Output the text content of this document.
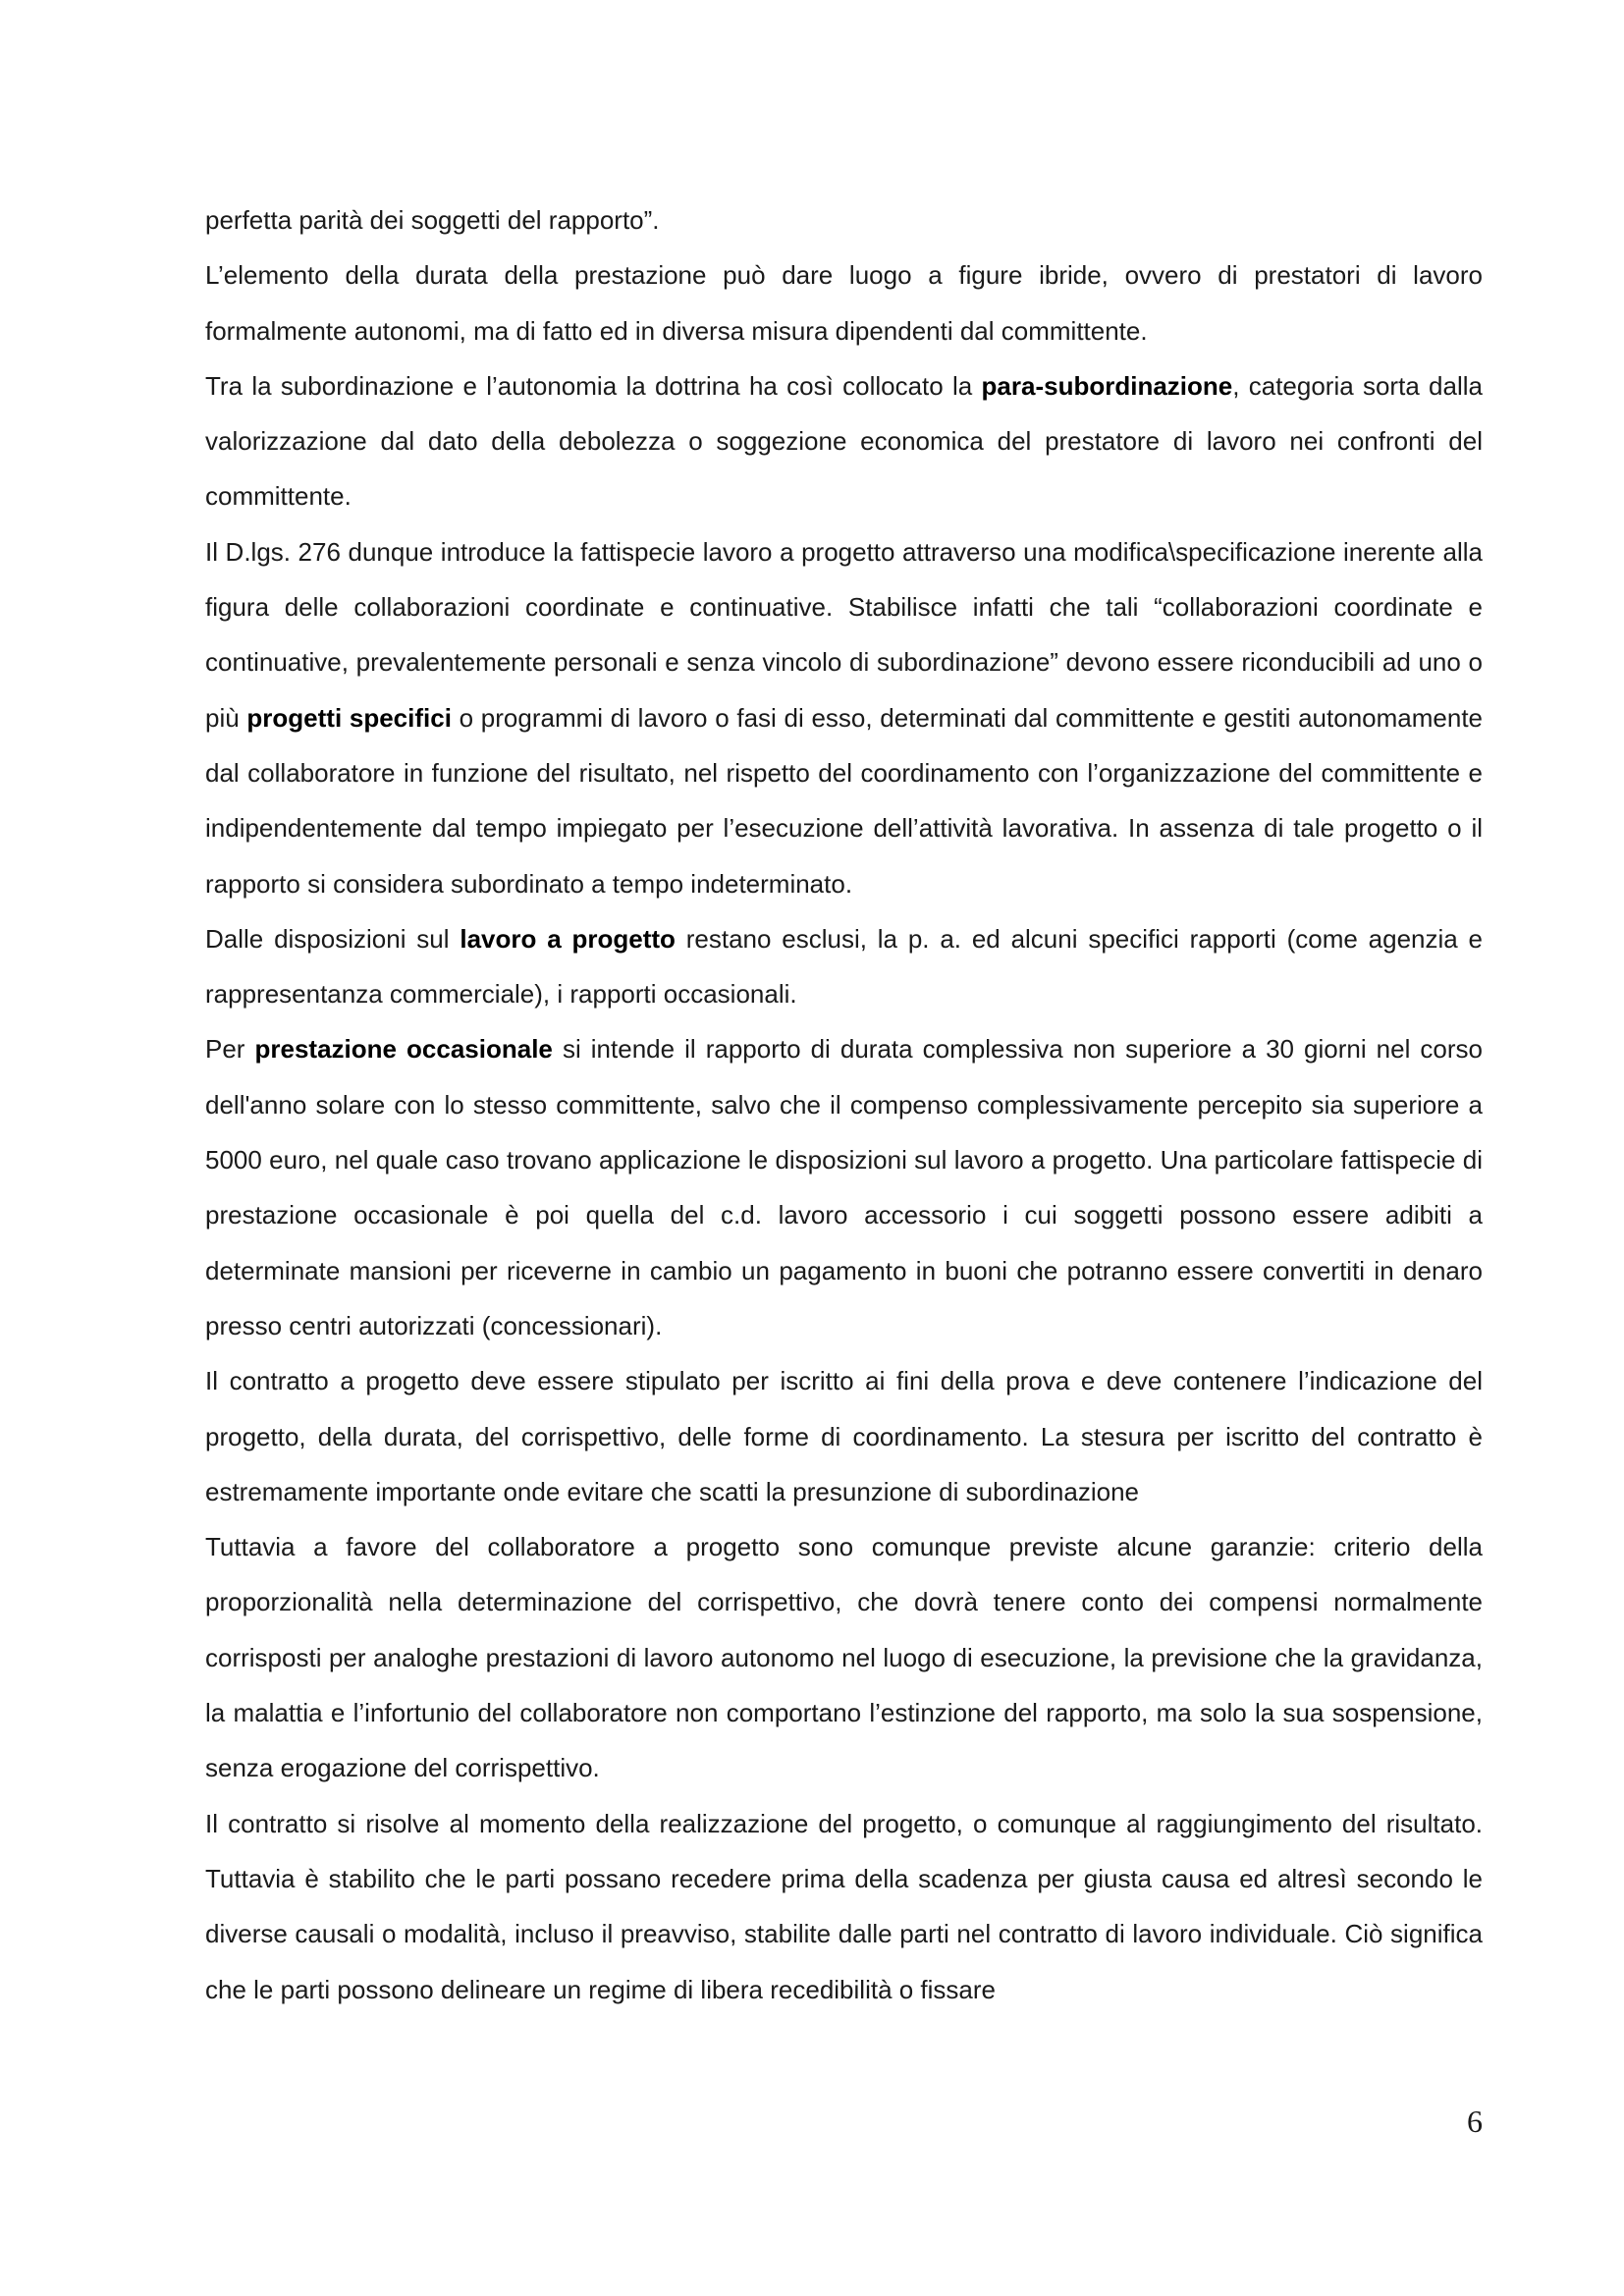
perfetta parità dei soggetti del rapporto”.

L’elemento della durata della prestazione può dare luogo a figure ibride, ovvero di prestatori di lavoro formalmente autonomi, ma di fatto ed in diversa misura dipendenti dal committente.

Tra la subordinazione e l’autonomia la dottrina ha così collocato la para-subordinazione, categoria sorta dalla valorizzazione dal dato della debolezza o soggezione economica del prestatore di lavoro nei confronti del committente.

Il D.lgs. 276 dunque introduce la fattispecie lavoro a progetto attraverso una modifica\specificazione inerente alla figura delle collaborazioni coordinate e continuative. Stabilisce infatti che tali “collaborazioni coordinate e continuative, prevalentemente personali e senza vincolo di subordinazione” devono essere riconducibili ad uno o più progetti specifici o programmi di lavoro o fasi di esso, determinati dal committente e gestiti autonomamente dal collaboratore in funzione del risultato, nel rispetto del coordinamento con l’organizzazione del committente e indipendentemente dal tempo impiegato per l’esecuzione dell’attività lavorativa. In assenza di tale progetto o il rapporto si considera subordinato a tempo indeterminato.

Dalle disposizioni sul lavoro a progetto restano esclusi, la p. a. ed alcuni specifici rapporti (come agenzia e rappresentanza commerciale), i rapporti occasionali.

Per prestazione occasionale si intende il rapporto di durata complessiva non superiore a 30 giorni nel corso dell'anno solare con lo stesso committente, salvo che il compenso complessivamente percepito sia superiore a 5000 euro, nel quale caso trovano applicazione le disposizioni sul lavoro a progetto. Una particolare fattispecie di prestazione occasionale è poi quella del c.d. lavoro accessorio i cui soggetti possono essere adibiti a determinate mansioni per riceverne in cambio un pagamento in buoni che potranno essere convertiti in denaro presso centri autorizzati (concessionari).

Il contratto a progetto deve essere stipulato per iscritto ai fini della prova e deve contenere l’indicazione del progetto, della durata, del corrispettivo, delle forme di coordinamento. La stesura per iscritto del contratto è estremamente importante onde evitare che scatti la presunzione di subordinazione

Tuttavia a favore del collaboratore a progetto sono comunque previste alcune garanzie: criterio della proporzionalità nella determinazione del corrispettivo, che dovrà tenere conto dei compensi normalmente corrisposti per analoghe prestazioni di lavoro autonomo nel luogo di esecuzione, la previsione che la gravidanza, la malattia e l’infortunio del collaboratore non comportano l’estinzione del rapporto, ma solo la sua sospensione, senza erogazione del corrispettivo.

Il contratto si risolve al momento della realizzazione del progetto, o comunque al raggiungimento del risultato. Tuttavia è stabilito che le parti possano recedere prima della scadenza per giusta causa ed altresì secondo le diverse causali o modalità, incluso il preavviso, stabilite dalle parti nel contratto di lavoro individuale. Ciò significa che le parti possono delineare un regime di libera recedibilità o fissare

6
